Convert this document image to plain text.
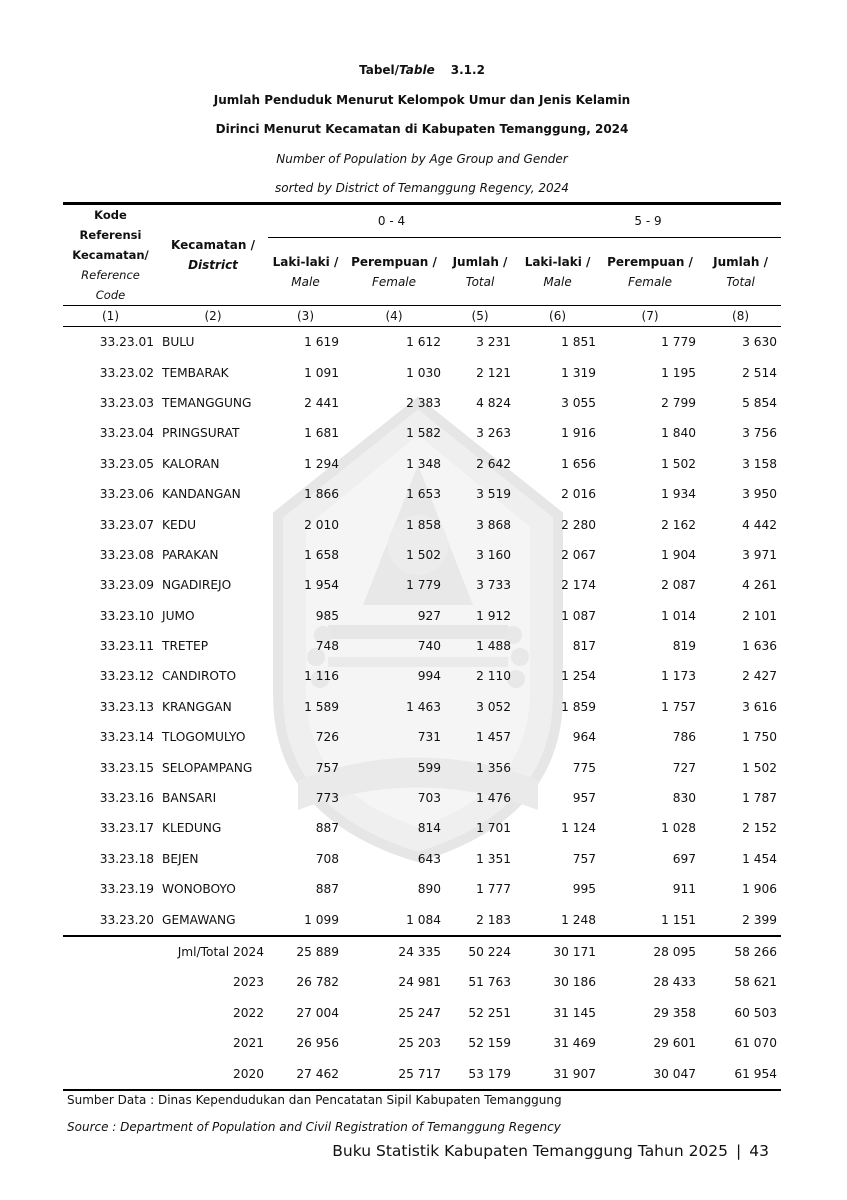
Tabel/Table 3.1.2
Jumlah Penduduk Menurut Kelompok Umur dan Jenis Kelamin
Dirinci Menurut Kecamatan di Kabupaten Temanggung, 2024
Number of Population by Age Group and Gender
sorted by District of Temanggung Regency, 2024
Kode
Referensi
Kecamatan/
Reference
Code	Kecamatan /
District	0 - 4			5 - 9		

		Laki-laki /
Male	Perempuan /
Female	Jumlah /
Total	Laki-laki /
Male	Perempuan /
Female	Jumlah /
Total

(1)	(2)	(3)	(4)	(5)	(6)	(7)	(8)
33.23.01	BULU	1 619	1 612	3 231	1 851	1 779	3 630
33.23.02	TEMBARAK	1 091	1 030	2 121	1 319	1 195	2 514
33.23.03	TEMANGGUNG	2 441	2 383	4 824	3 055	2 799	5 854
33.23.04	PRINGSURAT	1 681	1 582	3 263	1 916	1 840	3 756
33.23.05	KALORAN	1 294	1 348	2 642	1 656	1 502	3 158
33.23.06	KANDANGAN	1 866	1 653	3 519	2 016	1 934	3 950
33.23.07	KEDU	2 010	1 858	3 868	2 280	2 162	4 442
33.23.08	PARAKAN	1 658	1 502	3 160	2 067	1 904	3 971
33.23.09	NGADIREJO	1 954	1 779	3 733	2 174	2 087	4 261
33.23.10	JUMO	985	927	1 912	1 087	1 014	2 101
33.23.11	TRETEP	748	740	1 488	817	819	1 636
33.23.12	CANDIROTO	1 116	994	2 110	1 254	1 173	2 427
33.23.13	KRANGGAN	1 589	1 463	3 052	1 859	1 757	3 616
33.23.14	TLOGOMULYO	726	731	1 457	964	786	1 750
33.23.15	SELOPAMPANG	757	599	1 356	775	727	1 502
33.23.16	BANSARI	773	703	1 476	957	830	1 787
33.23.17	KLEDUNG	887	814	1 701	1 124	1 028	2 152
33.23.18	BEJEN	708	643	1 351	757	697	1 454
33.23.19	WONOBOYO	887	890	1 777	995	911	1 906
33.23.20	GEMAWANG	1 099	1 084	2 183	1 248	1 151	2 399
Jml/Total 2024		25 889	24 335	50 224	30 171	28 095	58 266
2023		26 782	24 981	51 763	30 186	28 433	58 621
2022		27 004	25 247	52 251	31 145	29 358	60 503
2021		26 956	25 203	52 159	31 469	29 601	61 070
2020		27 462	25 717	53 179	31 907	30 047	61 954
Sumber Data : Dinas Kependudukan dan Pencatatan Sipil Kabupaten Temanggung
Source : Department of Population and Civil Registration of Temanggung Regency
Buku Statistik Kabupaten Temanggung Tahun 2025 | 43
